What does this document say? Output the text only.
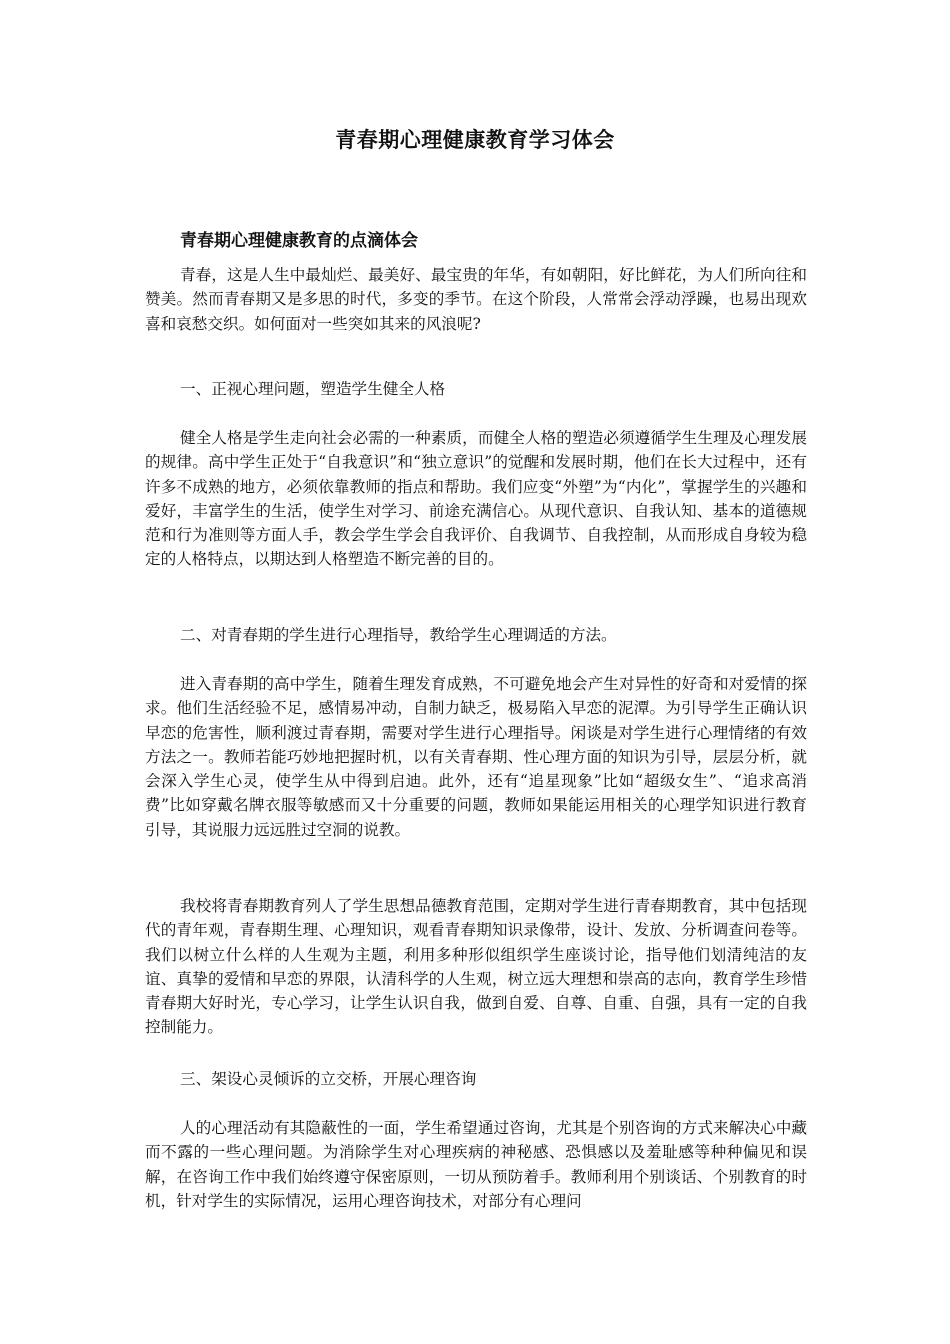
青春期心理健康教育学习体会
青春期心理健康教育的点滴体会

青春，这是人生中最灿烂、最美好、最宝贵的年华，有如朝阳，好比鲜花，为人们所向往和赞美。然而青春期又是多思的时代，多变的季节。在这个阶段，人常常会浮动浮躁，也易出现欢喜和哀愁交织。如何面对一些突如其来的风浪呢?

一、正视心理问题，塑造学生健全人格

健全人格是学生走向社会必需的一种素质，而健全人格的塑造必须遵循学生生理及心理发展的规律。高中学生正处于“自我意识”和“独立意识”的觉醒和发展时期，他们在长大过程中，还有许多不成熟的地方，必须依靠教师的指点和帮助。我们应变“外塑”为“内化”，掌握学生的兴趣和爱好，丰富学生的生活，使学生对学习、前途充满信心。从现代意识、自我认知、基本的道德规范和行为准则等方面人手，教会学生学会自我评价、自我调节、自我控制，从而形成自身较为稳定的人格特点，以期达到人格塑造不断完善的目的。

二、对青春期的学生进行心理指导，教给学生心理调适的方法。

进入青春期的高中学生，随着生理发育成熟，不可避免地会产生对异性的好奇和对爱情的探求。他们生活经验不足，感情易冲动，自制力缺乏，极易陷入早恋的泥潭。为引导学生正确认识早恋的危害性，顺利渡过青春期，需要对学生进行心理指导。闲谈是对学生进行心理情绪的有效方法之一。教师若能巧妙地把握时机，以有关青春期、性心理方面的知识为引导，层层分析，就会深入学生心灵，使学生从中得到启迪。此外，还有“追星现象”比如“超级女生”、“追求高消费”比如穿戴名牌衣服等敏感而又十分重要的问题，教师如果能运用相关的心理学知识进行教育引导，其说服力远远胜过空洞的说教。

我校将青春期教育列人了学生思想品德教育范围，定期对学生进行青春期教育，其中包括现代的青年观，青春期生理、心理知识，观看青春期知识录像带，设计、发放、分析调查问卷等。我们以树立什么样的人生观为主题，利用多种形似组织学生座谈讨论，指导他们划清纯洁的友谊、真挚的爱情和早恋的界限，认清科学的人生观，树立远大理想和崇高的志向，教育学生珍惜青春期大好时光，专心学习，让学生认识自我，做到自爱、自尊、自重、自强，具有一定的自我控制能力。

三、架设心灵倾诉的立交桥，开展心理咨询

人的心理活动有其隐蔽性的一面，学生希望通过咨询，尤其是个别咨询的方式来解决心中藏而不露的一些心理问题。为消除学生对心理疾病的神秘感、恐惧感以及羞耻感等种种偏见和误解，在咨询工作中我们始终遵守保密原则，一切从预防着手。教师利用个别谈话、个别教育的时机，针对学生的实际情况，运用心理咨询技术，对部分有心理问
